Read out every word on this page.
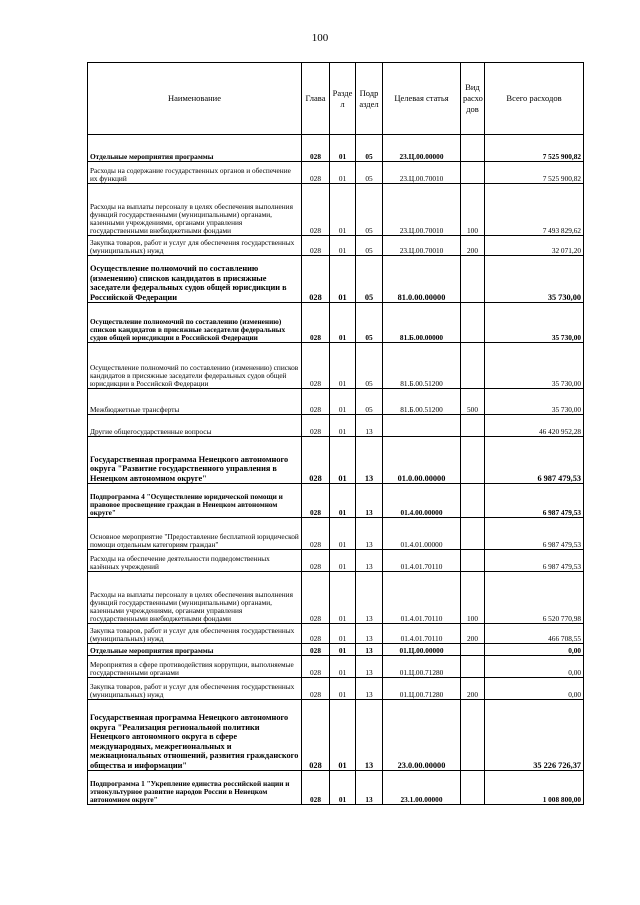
100
Наименование	Глава	Разде л	Подр аздел	Целевая статья	Вид расхо дов	Всего расходов
Отдельные мероприятия программы	028	01	05	23.Ц.00.00000		7 525 900,82
Расходы на содержание государственных органов и обеспечение их функций	028	01	05	23.Ц.00.70010		7 525 900,82
Расходы на выплаты персоналу в целях обеспечения выполнения функций государственными (муниципальными) органами, казенными учреждениями, органами управления государственными внебюджетными фондами	028	01	05	23.Ц.00.70010	100	7 493 829,62
Закупка товаров, работ и услуг для обеспечения государственных (муниципальных) нужд	028	01	05	23.Ц.00.70010	200	32 071,20
Осуществление полномочий по составлению (изменению) списков кандидатов в присяжные заседатели федеральных судов общей юрисдикции в Российской Федерации	028	01	05	81.0.00.00000		35 730,00
Осуществление полномочий по составлению (изменению) списков кандидатов в присяжные заседатели федеральных судов общей юрисдикции в Российской Федерации	028	01	05	81.Б.00.00000		35 730,00
Осуществление полномочий по составлению (изменению) списков кандидатов в присяжные заседатели федеральных судов общей юрисдикции в Российской Федерации	028	01	05	81.Б.00.51200		35 730,00
Межбюджетные трансферты	028	01	05	81.Б.00.51200	500	35 730,00
Другие общегосударственные вопросы	028	01	13			46 420 952,28
Государственная программа Ненецкого автономного округа "Развитие государственного управления в Ненецком автономном округе"	028	01	13	01.0.00.00000		6 987 479,53
Подпрограмма 4 "Осуществление юридической помощи и правовое просвещение граждан в Ненецком автономном округе"	028	01	13	01.4.00.00000		6 987 479,53
Основное мероприятие "Предоставление бесплатной юридической помощи отдельным категориям граждан"	028	01	13	01.4.01.00000		6 987 479,53
Расходы на обеспечение деятельности подведомственных казённых учреждений	028	01	13	01.4.01.70110		6 987 479,53
Расходы на выплаты персоналу в целях обеспечения выполнения функций государственными (муниципальными) органами, казенными учреждениями, органами управления государственными внебюджетными фондами	028	01	13	01.4.01.70110	100	6 520 770,98
Закупка товаров, работ и услуг для обеспечения государственных (муниципальных) нужд	028	01	13	01.4.01.70110	200	466 708,55
Отдельные мероприятия программы	028	01	13	01.Ц.00.00000		0,00
Мероприятия в сфере противодействия коррупции, выполняемые государственными органами	028	01	13	01.Ц.00.71280		0,00
Закупка товаров, работ и услуг для обеспечения государственных (муниципальных) нужд	028	01	13	01.Ц.00.71280	200	0,00
Государственная программа Ненецкого автономного округа "Реализация региональной политики Ненецкого автономного округа в сфере международных, межрегиональных и межнациональных отношений, развития гражданского общества и информации"	028	01	13	23.0.00.00000		35 226 726,37
Подпрограмма 1 "Укрепление единства российской нации и этнокультурное развитие народов России в Ненецком автономном округе"	028	01	13	23.1.00.00000		1 008 800,00
